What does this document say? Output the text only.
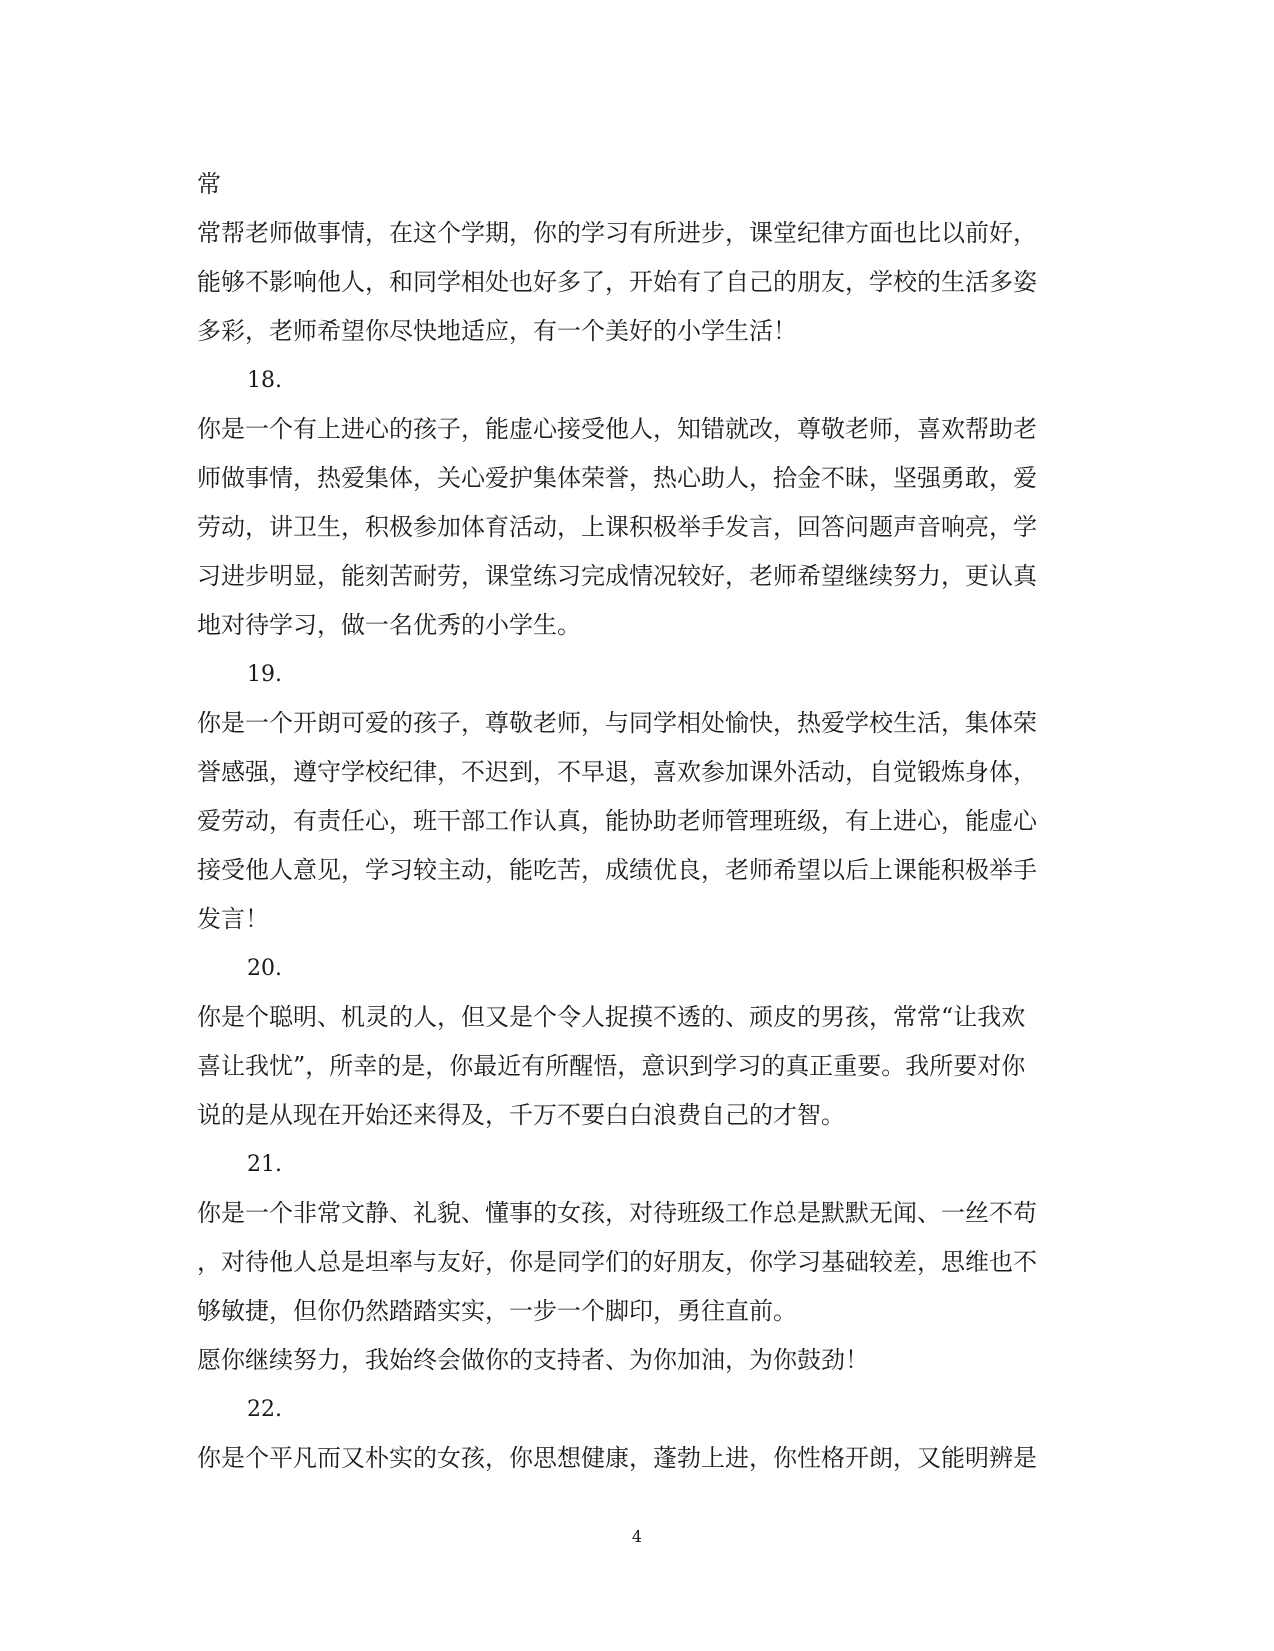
常
常帮老师做事情，在这个学期，你的学习有所进步，课堂纪律方面也比以前好，
能够不影响他人，和同学相处也好多了，开始有了自己的朋友，学校的生活多姿
多彩，老师希望你尽快地适应，有一个美好的小学生活！
18.
你是一个有上进心的孩子，能虚心接受他人，知错就改，尊敬老师，喜欢帮助老
师做事情，热爱集体，关心爱护集体荣誉，热心助人，拾金不昧，坚强勇敢，爱
劳动，讲卫生，积极参加体育活动，上课积极举手发言，回答问题声音响亮，学
习进步明显，能刻苦耐劳，课堂练习完成情况较好，老师希望继续努力，更认真
地对待学习，做一名优秀的小学生。
19.
你是一个开朗可爱的孩子，尊敬老师，与同学相处愉快，热爱学校生活，集体荣
誉感强，遵守学校纪律，不迟到，不早退，喜欢参加课外活动，自觉锻炼身体，
爱劳动，有责任心，班干部工作认真，能协助老师管理班级，有上进心，能虚心
接受他人意见，学习较主动，能吃苦，成绩优良，老师希望以后上课能积极举手
发言！
20.
你是个聪明、机灵的人，但又是个令人捉摸不透的、顽皮的男孩，常常“让我欢
喜让我忧”，所幸的是，你最近有所醒悟，意识到学习的真正重要。我所要对你
说的是从现在开始还来得及，千万不要白白浪费自己的才智。
21.
你是一个非常文静、礼貌、懂事的女孩，对待班级工作总是默默无闻、一丝不苟
，对待他人总是坦率与友好，你是同学们的好朋友，你学习基础较差，思维也不
够敏捷，但你仍然踏踏实实，一步一个脚印，勇往直前。
愿你继续努力，我始终会做你的支持者、为你加油，为你鼓劲！
22.
你是个平凡而又朴实的女孩，你思想健康，蓬勃上进，你性格开朗，又能明辨是
4
